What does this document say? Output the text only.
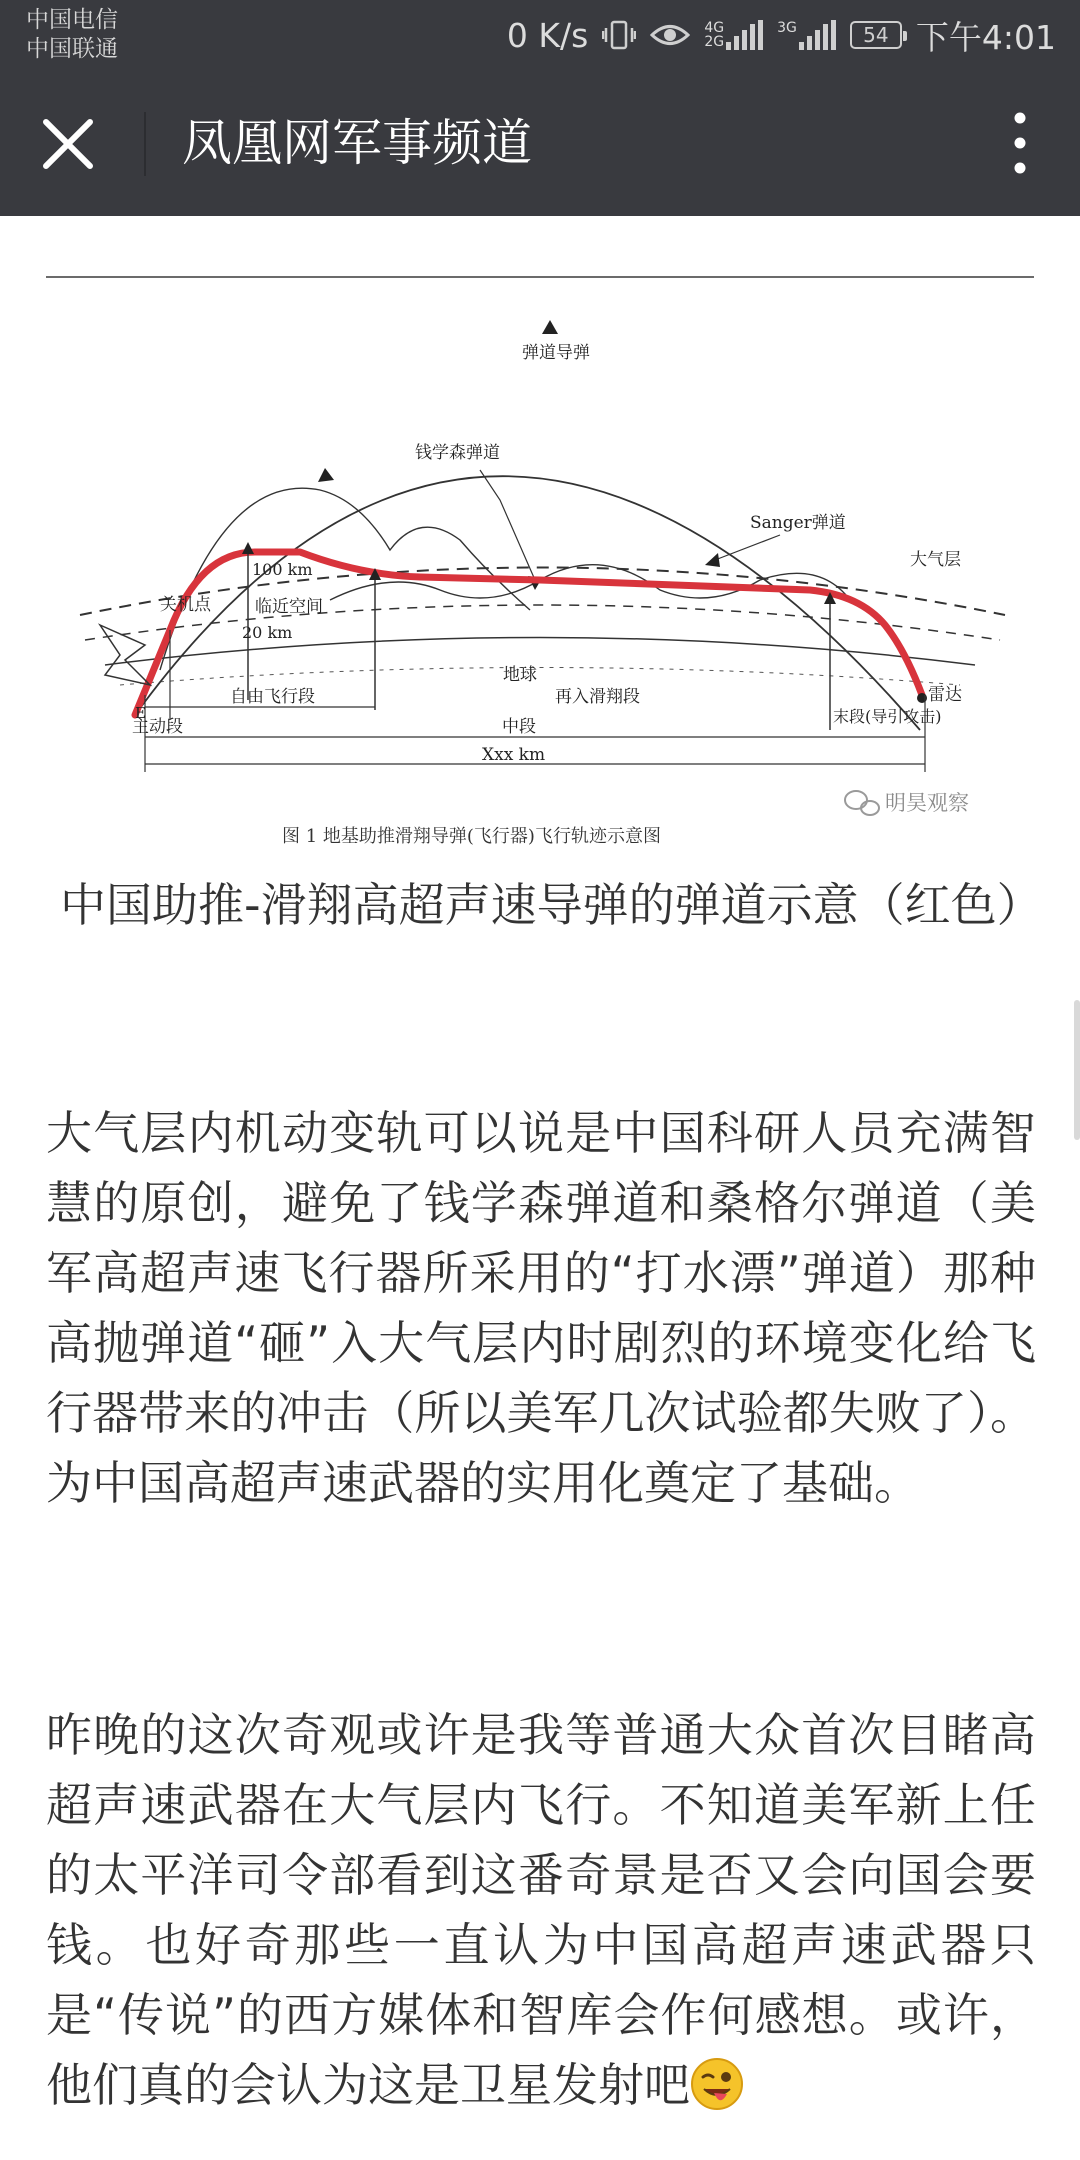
中国电信
中国联通	0 K/s	4G
2G
3G
	54 下午4:01
凤凰网军事频道
弹道导弹
钱学森弹道
Sanger弹道
大气层
100 km
关机点	临近空间
20 km
地球
自由飞行段	再入滑翔段	雷达
E
主动段	中段
末段(导引攻击)
Xxx km
明昊观察
图 1 地基助推滑翔导弹(飞行器)飞行轨迹示意图
中国助推-滑翔高超声速导弹的弹道示意（红色）
大气层内机动变轨可以说是中国科研人员充满智慧的原创，避免了钱学森弹道和桑格尔弹道（美军高超声速飞行器所采用的“打水漂”弹道）那种高抛弹道“砸”入大气层内时剧烈的环境变化给飞行器带来的冲击（所以美军几次试验都失败了）。为中国高超声速武器的实用化奠定了基础。
昨晚的这次奇观或许是我等普通大众首次目睹高超声速武器在大气层内飞行。不知道美军新上任的太平洋司令部看到这番奇景是否又会向国会要钱。也好奇那些一直认为中国高超声速武器只是“传说”的西方媒体和智库会作何感想。或许，他们真的会认为这是卫星发射吧
